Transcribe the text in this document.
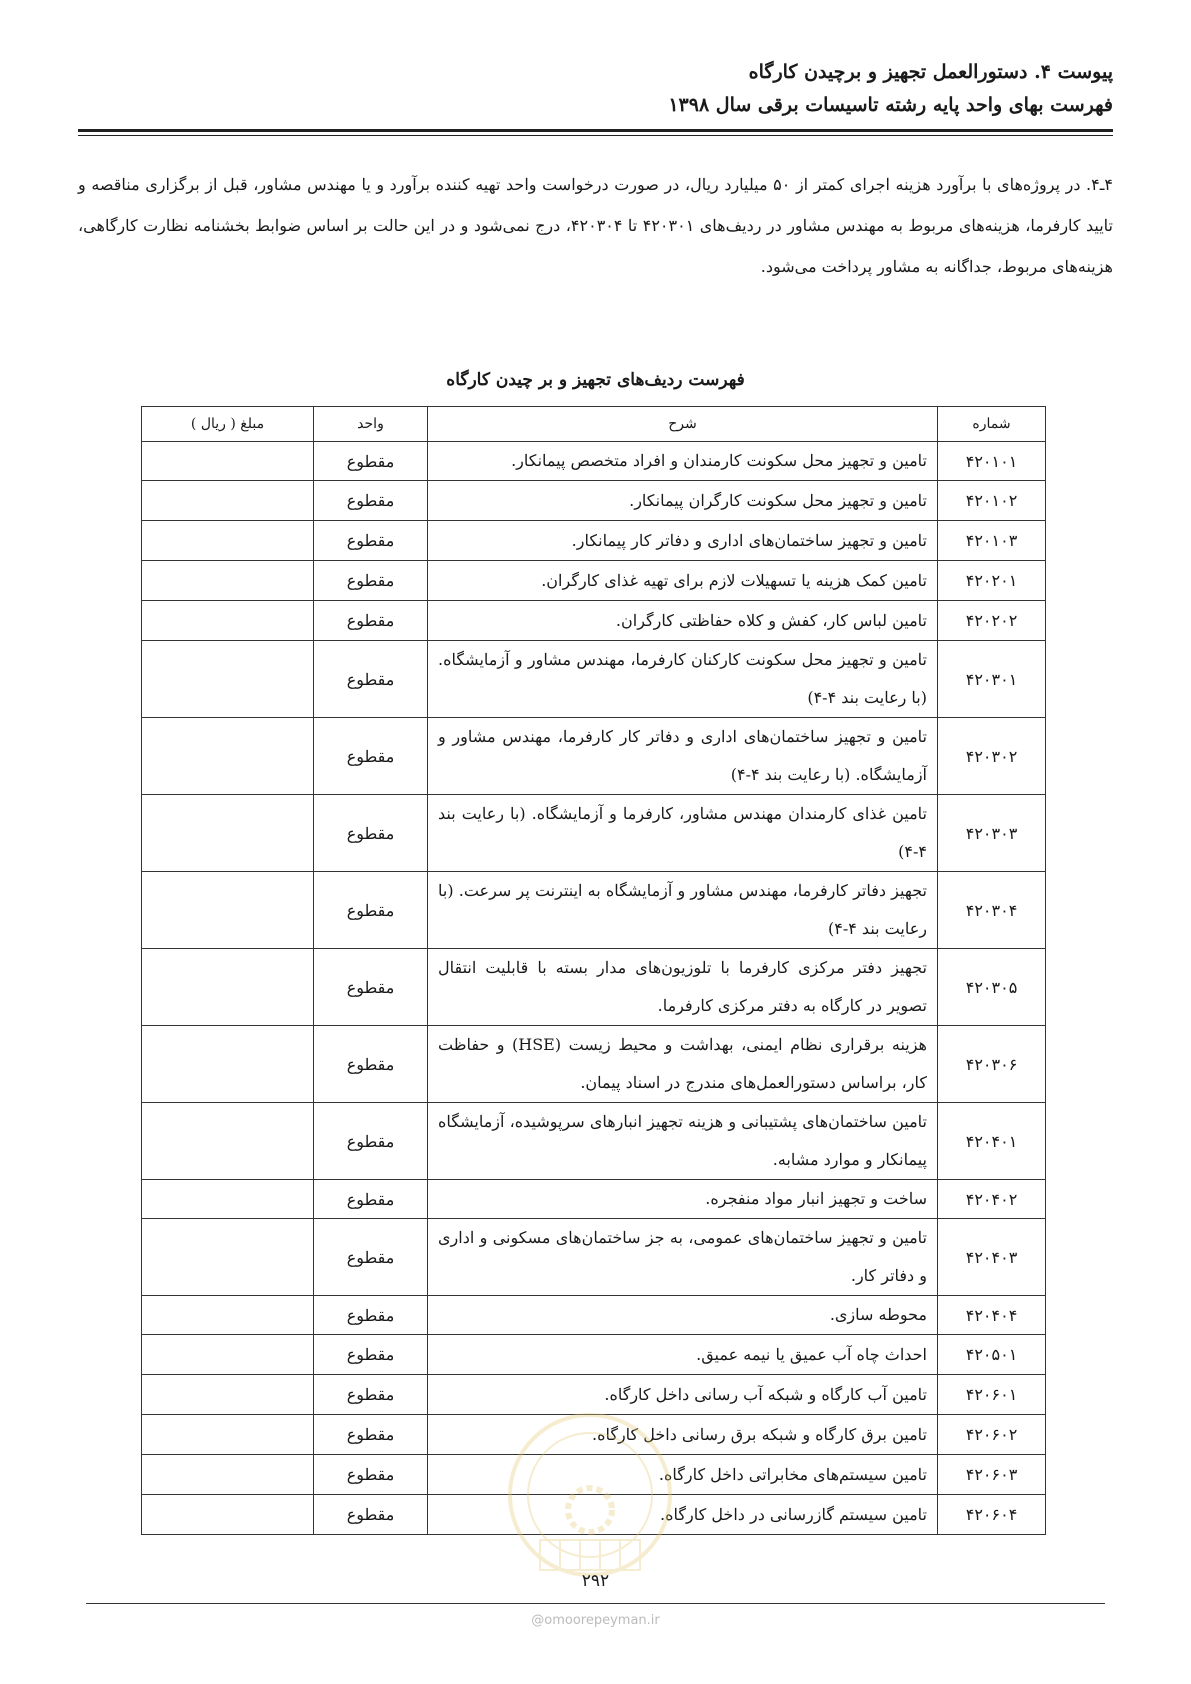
پیوست ۴. دستورالعمل تجهیز و برچیدن کارگاه
فهرست بهای واحد پایه رشته تاسیسات برقی سال ۱۳۹۸
۴ـ۴. در پروژه‌های با برآورد هزینه اجرای کمتر از ۵۰ میلیارد ریال، در صورت درخواست واحد تهیه کننده برآورد و یا مهندس مشاور، قبل از برگزاری مناقصه و تایید کارفرما، هزینه‌های مربوط به مهندس مشاور در ردیف‌های ۴۲۰۳۰۱ تا ۴۲۰۳۰۴، درج نمی‌شود و در این حالت بر اساس ضوابط بخشنامه نظارت کارگاهی، هزینه‌های مربوط، جداگانه به مشاور پرداخت می‌شود.
فهرست ردیف‌های تجهیز و بر چیدن کارگاه
شماره	شرح	واحد	مبلغ ( ریال )
۴۲۰۱۰۱	تامین و تجهیز محل سکونت کارمندان و افراد متخصص پیمانکار.	مقطوع	
۴۲۰۱۰۲	تامین و تجهیز محل سکونت کارگران پیمانکار.	مقطوع	
۴۲۰۱۰۳	تامین و تجهیز ساختمان‌های اداری و دفاتر کار پیمانکار.	مقطوع	
۴۲۰۲۰۱	تامین کمک هزینه یا تسهیلات لازم برای تهیه غذای کارگران.	مقطوع	
۴۲۰۲۰۲	تامین لباس کار، کفش و کلاه حفاظتی کارگران.	مقطوع	
۴۲۰۳۰۱	تامین و تجهیز محل سکونت کارکنان کارفرما، مهندس مشاور و آزمایشگاه. (با رعایت بند ۴-۴)	مقطوع	
۴۲۰۳۰۲	تامین و تجهیز ساختمان‌های اداری و دفاتر کار کارفرما، مهندس مشاور و آزمایشگاه. (با رعایت بند ۴-۴)	مقطوع	
۴۲۰۳۰۳	تامین غذای کارمندان مهندس مشاور، کارفرما و آزمایشگاه. (با رعایت بند ۴-۴)	مقطوع	
۴۲۰۳۰۴	تجهیز دفاتر کارفرما، مهندس مشاور و آزمایشگاه به اینترنت پر سرعت. (با رعایت بند ۴-۴)	مقطوع	
۴۲۰۳۰۵	تجهیز دفتر مرکزی کارفرما با تلوزیون‌های مدار بسته با قابلیت انتقال تصویر در کارگاه به دفتر مرکزی کارفرما.	مقطوع	
۴۲۰۳۰۶	هزینه برقراری نظام ایمنی، بهداشت و محیط زیست (HSE) و حفاظت کار، براساس دستورالعمل‌های مندرج در اسناد پیمان.	مقطوع	
۴۲۰۴۰۱	تامین ساختمان‌های پشتیبانی و هزینه تجهیز انبارهای سرپوشیده، آزمایشگاه پیمانکار و موارد مشابه.	مقطوع	
۴۲۰۴۰۲	ساخت و تجهیز انبار مواد منفجره.	مقطوع	
۴۲۰۴۰۳	تامین و تجهیز ساختمان‌های عمومی، به جز ساختمان‌های مسکونی و اداری و دفاتر کار.	مقطوع	
۴۲۰۴۰۴	محوطه سازی.	مقطوع	
۴۲۰۵۰۱	احداث چاه آب عمیق یا نیمه عمیق.	مقطوع	
۴۲۰۶۰۱	تامین آب کارگاه و شبکه آب رسانی داخل کارگاه.	مقطوع	
۴۲۰۶۰۲	تامین برق کارگاه و شبکه برق رسانی داخل کارگاه.	مقطوع	
۴۲۰۶۰۳	تامین سیستم‌های مخابراتی داخل کارگاه.	مقطوع	
۴۲۰۶۰۴	تامین سیستم گازرسانی در داخل کارگاه.	مقطوع	
۲۹۲
@omoorepeyman.ir
